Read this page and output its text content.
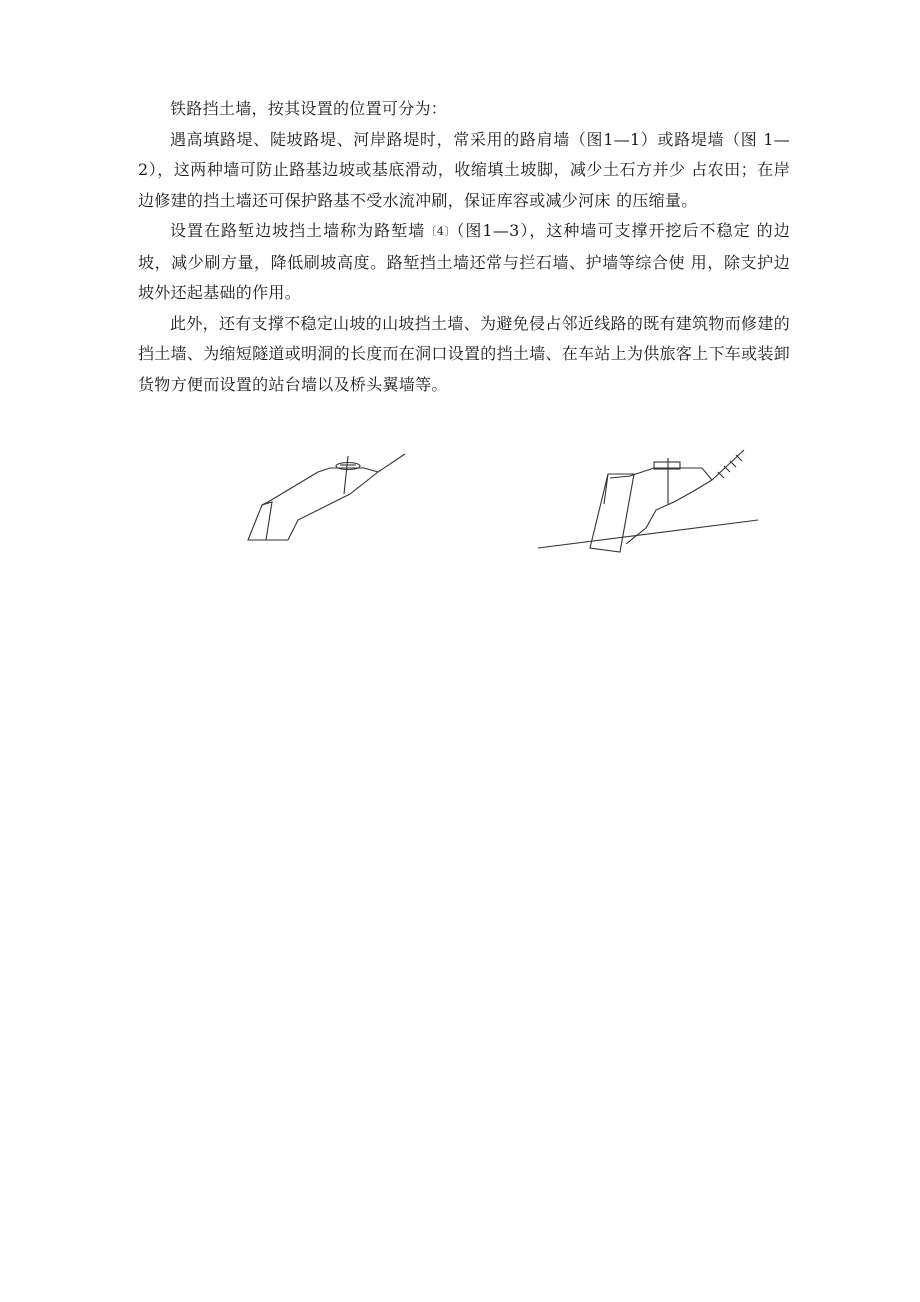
铁路挡土墙，按其设置的位置可分为：

遇高填路堤、陡坡路堤、河岸路堤时，常采用的路肩墙（图1—1）或路堤墙（图 1—2），这两种墙可防止路基边坡或基底滑动，收缩填土坡脚，减少土石方并少 占农田；在岸边修建的挡土墙还可保护路基不受水流冲刷，保证库容或减少河床 的压缩量。

设置在路堑边坡挡土墙称为路堑墙〔4〕（图1—3），这种墙可支撑开挖后不稳定 的边坡，减少刷方量，降低刷坡高度。路堑挡土墙还常与拦石墙、护墙等综合使 用，除支护边坡外还起基础的作用。

此外，还有支撑不稳定山坡的山坡挡土墙、为避免侵占邻近线路的既有建筑物而修建的挡土墙、为缩短隧道或明洞的长度而在洞口设置的挡土墙、在车站上为供旅客上下车或装卸货物方便而设置的站台墙以及桥头翼墙等。
